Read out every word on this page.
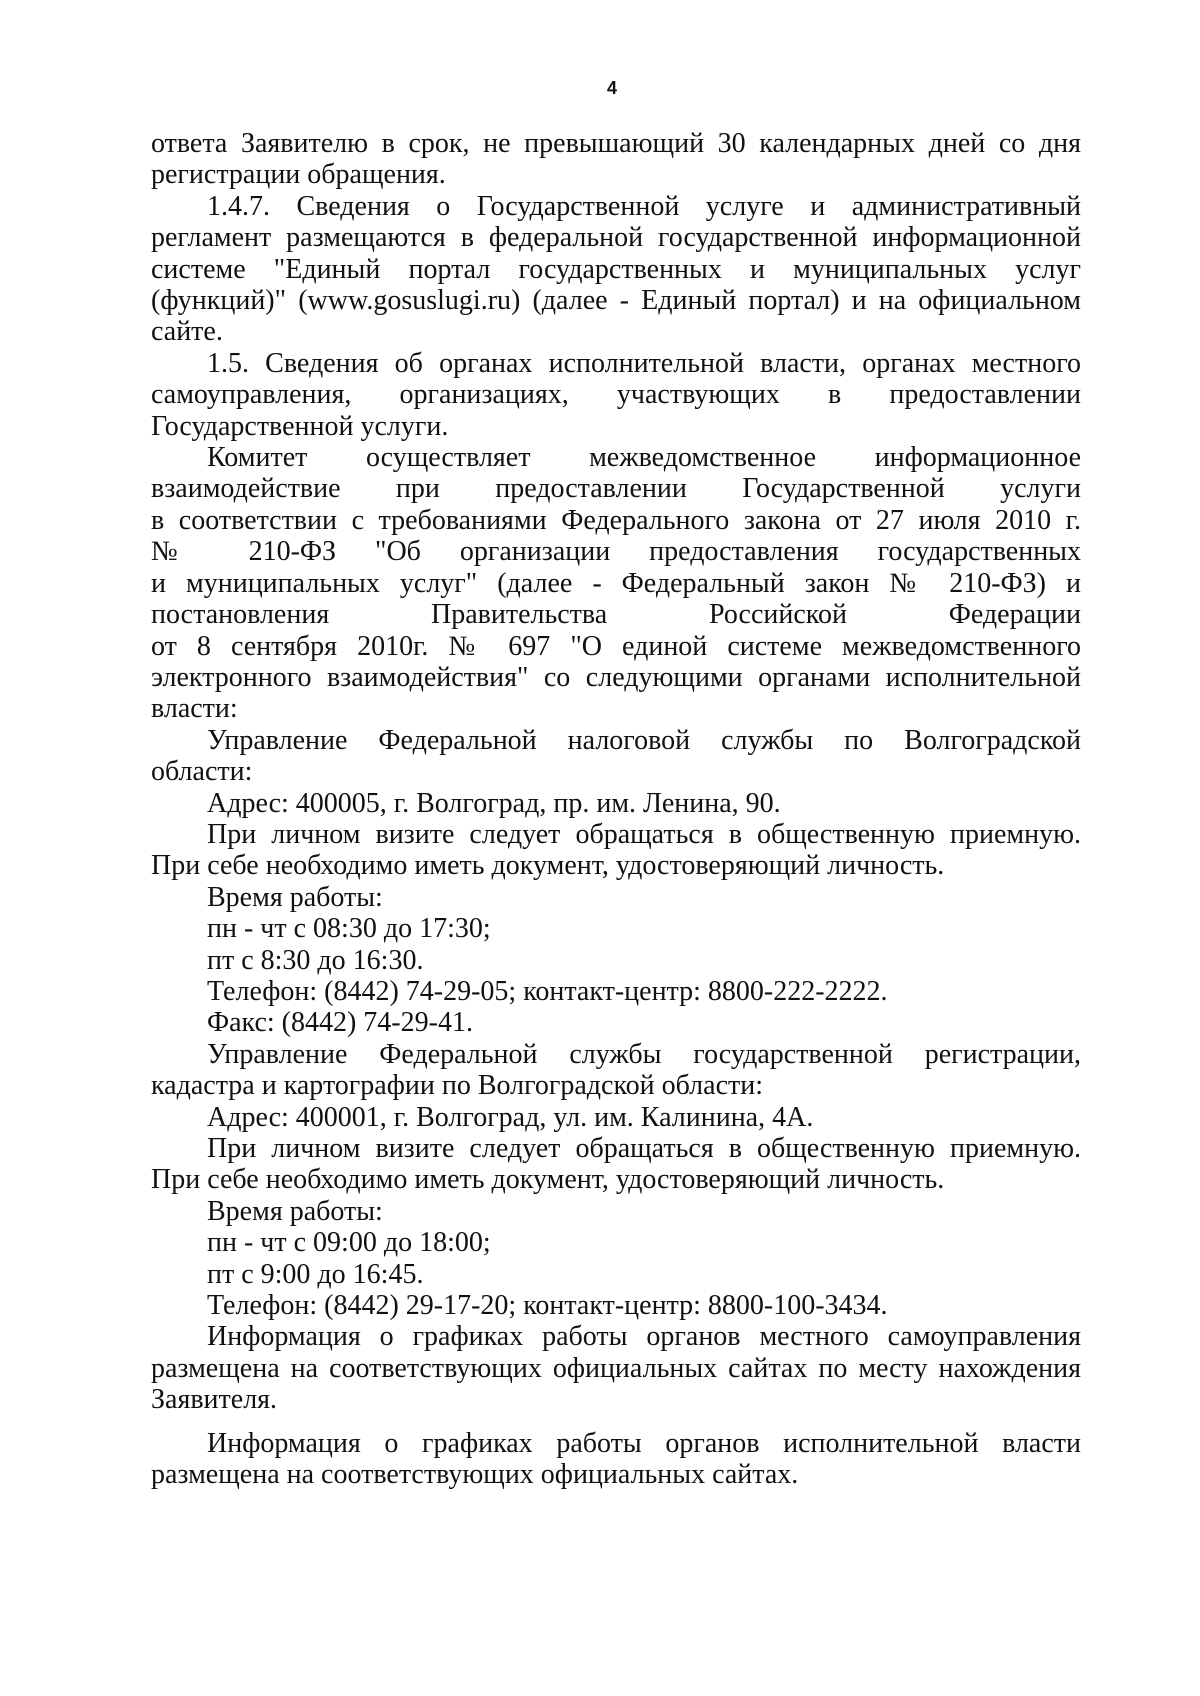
4

ответа Заявителю в срок, не превышающий 30 календарных дней со дня
регистрации обращения.

1.4.7. Сведения о Государственной услуге и административный
регламент размещаются в федеральной государственной информационной
системе "Единый портал государственных и муниципальных услуг
(функций)" (www.gosuslugi.ru) (далее - Единый портал) и на официальном
сайте.

1.5. Сведения об органах исполнительной власти, органах местного
самоуправления, организациях, участвующих в предоставлении
Государственной услуги.

Комитет осуществляет межведомственное информационное
взаимодействие при предоставлении Государственной услуги
в соответствии с требованиями Федерального закона от 27 июля 2010 г.
№ 210-ФЗ "Об организации предоставления государственных
и муниципальных услуг" (далее - Федеральный закон № 210-ФЗ) и
постановления Правительства Российской Федерации
от 8 сентября 2010г. № 697 "О единой системе межведомственного
электронного взаимодействия" со следующими органами исполнительной
власти:

Управление Федеральной налоговой службы по Волгоградской
области:

Адрес: 400005, г. Волгоград, пр. им. Ленина, 90.

При личном визите следует обращаться в общественную приемную.
При себе необходимо иметь документ, удостоверяющий личность.

Время работы:

пн - чт с 08:30 до 17:30;

пт с 8:30 до 16:30.

Телефон: (8442) 74-29-05; контакт-центр: 8800-222-2222.

Факс: (8442) 74-29-41.

Управление Федеральной службы государственной регистрации,
кадастра и картографии по Волгоградской области:

Адрес: 400001, г. Волгоград, ул. им. Калинина, 4А.

При личном визите следует обращаться в общественную приемную.
При себе необходимо иметь документ, удостоверяющий личность.

Время работы:

пн - чт с 09:00 до 18:00;

пт с 9:00 до 16:45.

Телефон: (8442) 29-17-20; контакт-центр: 8800-100-3434.

Информация о графиках работы органов местного самоуправления
размещена на соответствующих официальных сайтах по месту нахождения
Заявителя.

Информация о графиках работы органов исполнительной власти
размещена на соответствующих официальных сайтах.
